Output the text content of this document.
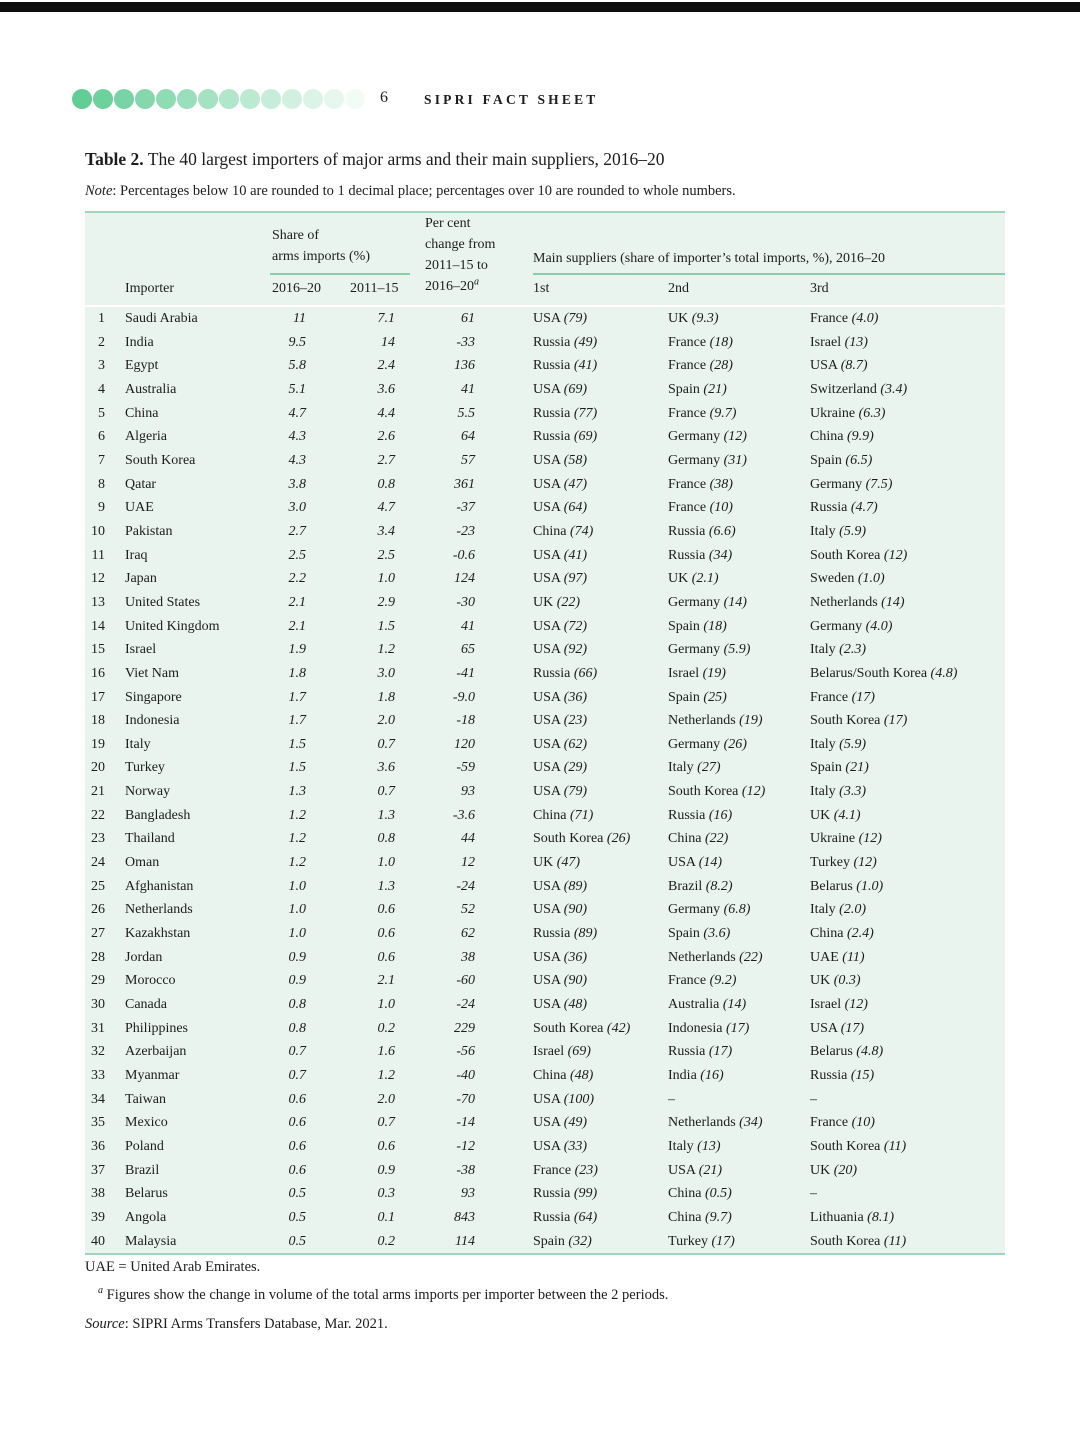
6	SIPRI FACT SHEET
Table 2. The 40 largest importers of major arms and their main suppliers, 2016–20
Note: Percentages below 10 are rounded to 1 decimal place; percentages over 10 are rounded to whole numbers.
		Share of
arms imports (%)		Per cent
change from
2011–15 to
2016–20$^a$	Main suppliers (share of importer’s total imports, %), 2016–20		
Importer		2016–20	2011–15		1st	2nd	3rd
1	Saudi Arabia	11	7.1	61	USA (79)	UK (9.3)	France (4.0)
2	India	9.5	14	-33	Russia (49)	France (18)	Israel (13)
3	Egypt	5.8	2.4	136	Russia (41)	France (28)	USA (8.7)
4	Australia	5.1	3.6	41	USA (69)	Spain (21)	Switzerland (3.4)
5	China	4.7	4.4	5.5	Russia (77)	France (9.7)	Ukraine (6.3)
6	Algeria	4.3	2.6	64	Russia (69)	Germany (12)	China (9.9)
7	South Korea	4.3	2.7	57	USA (58)	Germany (31)	Spain (6.5)
8	Qatar	3.8	0.8	361	USA (47)	France (38)	Germany (7.5)
9	UAE	3.0	4.7	-37	USA (64)	France (10)	Russia (4.7)
10	Pakistan	2.7	3.4	-23	China (74)	Russia (6.6)	Italy (5.9)
11	Iraq	2.5	2.5	-0.6	USA (41)	Russia (34)	South Korea (12)
12	Japan	2.2	1.0	124	USA (97)	UK (2.1)	Sweden (1.0)
13	United States	2.1	2.9	-30	UK (22)	Germany (14)	Netherlands (14)
14	United Kingdom	2.1	1.5	41	USA (72)	Spain (18)	Germany (4.0)
15	Israel	1.9	1.2	65	USA (92)	Germany (5.9)	Italy (2.3)
16	Viet Nam	1.8	3.0	-41	Russia (66)	Israel (19)	Belarus/South Korea (4.8)
17	Singapore	1.7	1.8	-9.0	USA (36)	Spain (25)	France (17)
18	Indonesia	1.7	2.0	-18	USA (23)	Netherlands (19)	South Korea (17)
19	Italy	1.5	0.7	120	USA (62)	Germany (26)	Italy (5.9)
20	Turkey	1.5	3.6	-59	USA (29)	Italy (27)	Spain (21)
21	Norway	1.3	0.7	93	USA (79)	South Korea (12)	Italy (3.3)
22	Bangladesh	1.2	1.3	-3.6	China (71)	Russia (16)	UK (4.1)
23	Thailand	1.2	0.8	44	South Korea (26)	China (22)	Ukraine (12)
24	Oman	1.2	1.0	12	UK (47)	USA (14)	Turkey (12)
25	Afghanistan	1.0	1.3	-24	USA (89)	Brazil (8.2)	Belarus (1.0)
26	Netherlands	1.0	0.6	52	USA (90)	Germany (6.8)	Italy (2.0)
27	Kazakhstan	1.0	0.6	62	Russia (89)	Spain (3.6)	China (2.4)
28	Jordan	0.9	0.6	38	USA (36)	Netherlands (22)	UAE (11)
29	Morocco	0.9	2.1	-60	USA (90)	France (9.2)	UK (0.3)
30	Canada	0.8	1.0	-24	USA (48)	Australia (14)	Israel (12)
31	Philippines	0.8	0.2	229	South Korea (42)	Indonesia (17)	USA (17)
32	Azerbaijan	0.7	1.6	-56	Israel (69)	Russia (17)	Belarus (4.8)
33	Myanmar	0.7	1.2	-40	China (48)	India (16)	Russia (15)
34	Taiwan	0.6	2.0	-70	USA (100)	–	–
35	Mexico	0.6	0.7	-14	USA (49)	Netherlands (34)	France (10)
36	Poland	0.6	0.6	-12	USA (33)	Italy (13)	South Korea (11)
37	Brazil	0.6	0.9	-38	France (23)	USA (21)	UK (20)
38	Belarus	0.5	0.3	93	Russia (99)	China (0.5)	–
39	Angola	0.5	0.1	843	Russia (64)	China (9.7)	Lithuania (8.1)
40	Malaysia	0.5	0.2	114	Spain (32)	Turkey (17)	South Korea (11)
UAE = United Arab Emirates.
$^a$ Figures show the change in volume of the total arms imports per importer between the 2 periods.
Source: SIPRI Arms Transfers Database, Mar. 2021.
